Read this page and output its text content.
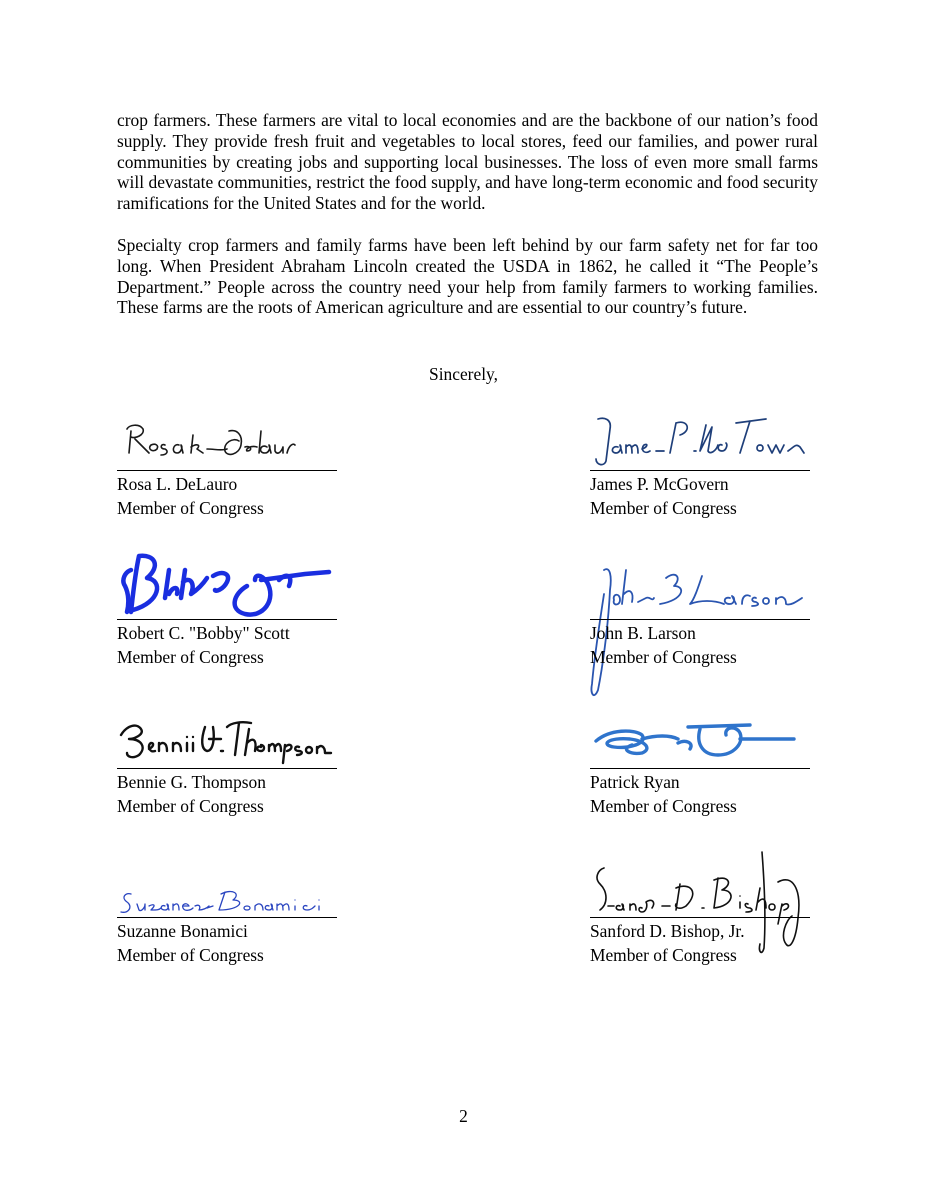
crop farmers. These farmers are vital to local economies and are the backbone of our nation’s food supply. They provide fresh fruit and vegetables to local stores, feed our families, and power rural communities by creating jobs and supporting local businesses. The loss of even more small farms will devastate communities, restrict the food supply, and have long-term economic and food security ramifications for the United States and for the world.

Specialty crop farmers and family farms have been left behind by our farm safety net for far too long. When President Abraham Lincoln created the USDA in 1862, he called it “The People’s Department.” People across the country need your help from family farmers to working families. These farms are the roots of American agriculture and are essential to our country’s future.

Sincerely,

Rosa L. DeLauro
Member of Congress
James P. McGovern
Member of Congress
Robert C. "Bobby" Scott
Member of Congress
John B. Larson
Member of Congress
Bennie G. Thompson
Member of Congress
Patrick Ryan
Member of Congress
Suzanne Bonamici
Member of Congress
Sanford D. Bishop, Jr.
Member of Congress

2
